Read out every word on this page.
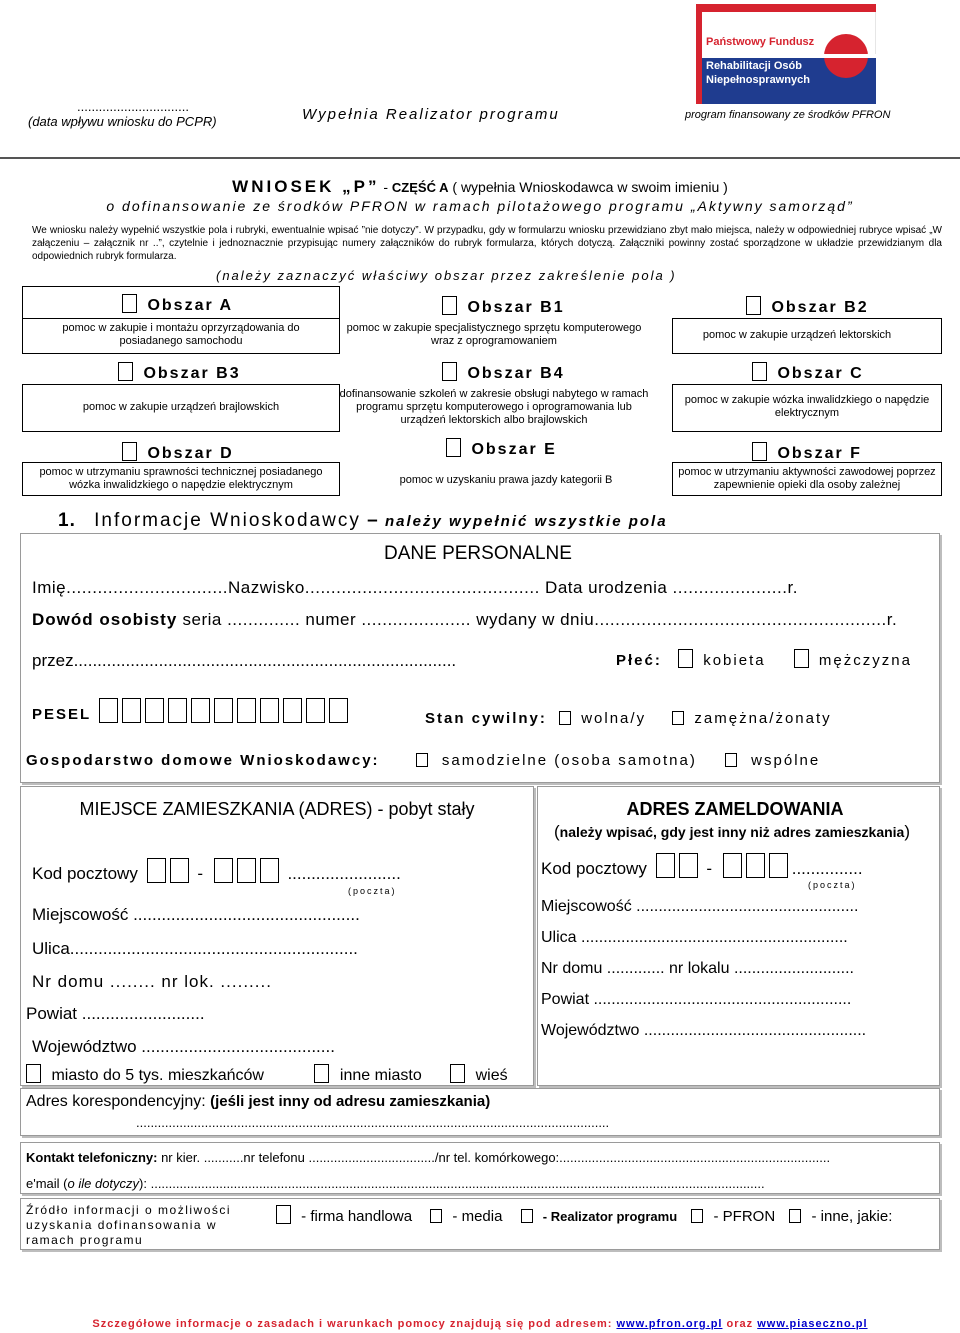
...............................
(data wpływu wniosku do PCPR)	Wypełnia Realizator programu	program finansowany ze środków PFRON
Państwowy Fundusz
Rehabilitacji Osób
Niepełnosprawnych
WNIOSEK „P” - CZĘŚĆ A ( wypełnia Wnioskodawca w swoim imieniu )
o dofinansowanie ze środków PFRON w ramach pilotażowego programu „Aktywny samorząd”
We wniosku należy wypełnić wszystkie pola i rubryki, ewentualnie wpisać ”nie dotyczy”. W przypadku, gdy w formularzu wniosku przewidziano zbyt mało miejsca, należy w odpowiedniej rubryce wpisać „W załączeniu – załącznik nr ..”, czytelnie i jednoznacznie przypisując numery załączników do rubryk formularza, których dotyczą. Załączniki powinny zostać sporządzone w układzie przewidzianym dla odpowiednich rubryk formularza.
(należy zaznaczyć właściwy obszar przez zakreślenie pola )
Obszar A
pomoc w zakupie i montażu oprzyrządowania do posiadanego samochodu
Obszar B1
pomoc w zakupie specjalistycznego sprzętu komputerowego wraz z oprogramowaniem
Obszar B2
pomoc w zakupie urządzeń lektorskich
Obszar B3
pomoc w zakupie urządzeń brajlowskich
Obszar B4
dofinansowanie szkoleń w zakresie obsługi nabytego w ramach programu sprzętu komputerowego i oprogramowania lub urządzeń lektorskich albo brajlowskich
Obszar C
pomoc w zakupie wózka inwalidzkiego o napędzie elektrycznym
Obszar D
pomoc w utrzymaniu sprawności technicznej posiadanego wózka inwalidzkiego o napędzie elektrycznym
Obszar E
pomoc w uzyskaniu prawa jazdy kategorii B
Obszar F
pomoc w utrzymaniu aktywności zawodowej poprzez zapewnienie opieki dla osoby zależnej
1. Informacje Wnioskodawcy – należy wypełnić wszystkie pola
DANE PERSONALNE
Imię...............................Nazwisko............................................. Data urodzenia ......................r.
Dowód osobisty seria .............. numer ..................... wydany w dniu........................................................r.
przez.................................................................................	Płeć:	kobieta	mężczyzna
PESEL	Stan cywilny: wolna/y	zamężna/żonaty
Gospodarstwo domowe Wnioskodawcy:	samodzielne (osoba samotna)	wspólne
MIEJSCE ZAMIESZKANIA (ADRES) - pobyt stały
Kod pocztowy	-	........................
(poczta)
Miejscowość ................................................
Ulica.............................................................
Nr domu ........ nr lok. .........
Powiat ..........................
Województwo .........................................
miasto do 5 tys. mieszkańców	inne miasto	wieś
ADRES ZAMELDOWANIA
(należy wpisać, gdy jest inny niż adres zamieszkania)
Kod pocztowy	-	...............
(poczta)
Miejscowość ..................................................
Ulica ............................................................
Nr domu ............. nr lokalu ...........................
Powiat ..........................................................
Województwo ..................................................
Adres korespondencyjny: (jeśli jest inny od adresu zamieszkania)
...................................................................................................................................
Kontakt telefoniczny: nr kier. ...........nr telefonu .................................../nr tel. komórkowego:...........................................................................
e'mail (o ile dotyczy): ..........................................................................................................................................................................
Źródło informacji o możliwości uzyskania dofinansowania w ramach programu
- firma handlowa	- media	- Realizator programu - PFRON - inne, jakie:
Szczegółowe informacje o zasadach i warunkach pomocy znajdują się pod adresem: www.pfron.org.pl oraz www.piaseczno.pl
